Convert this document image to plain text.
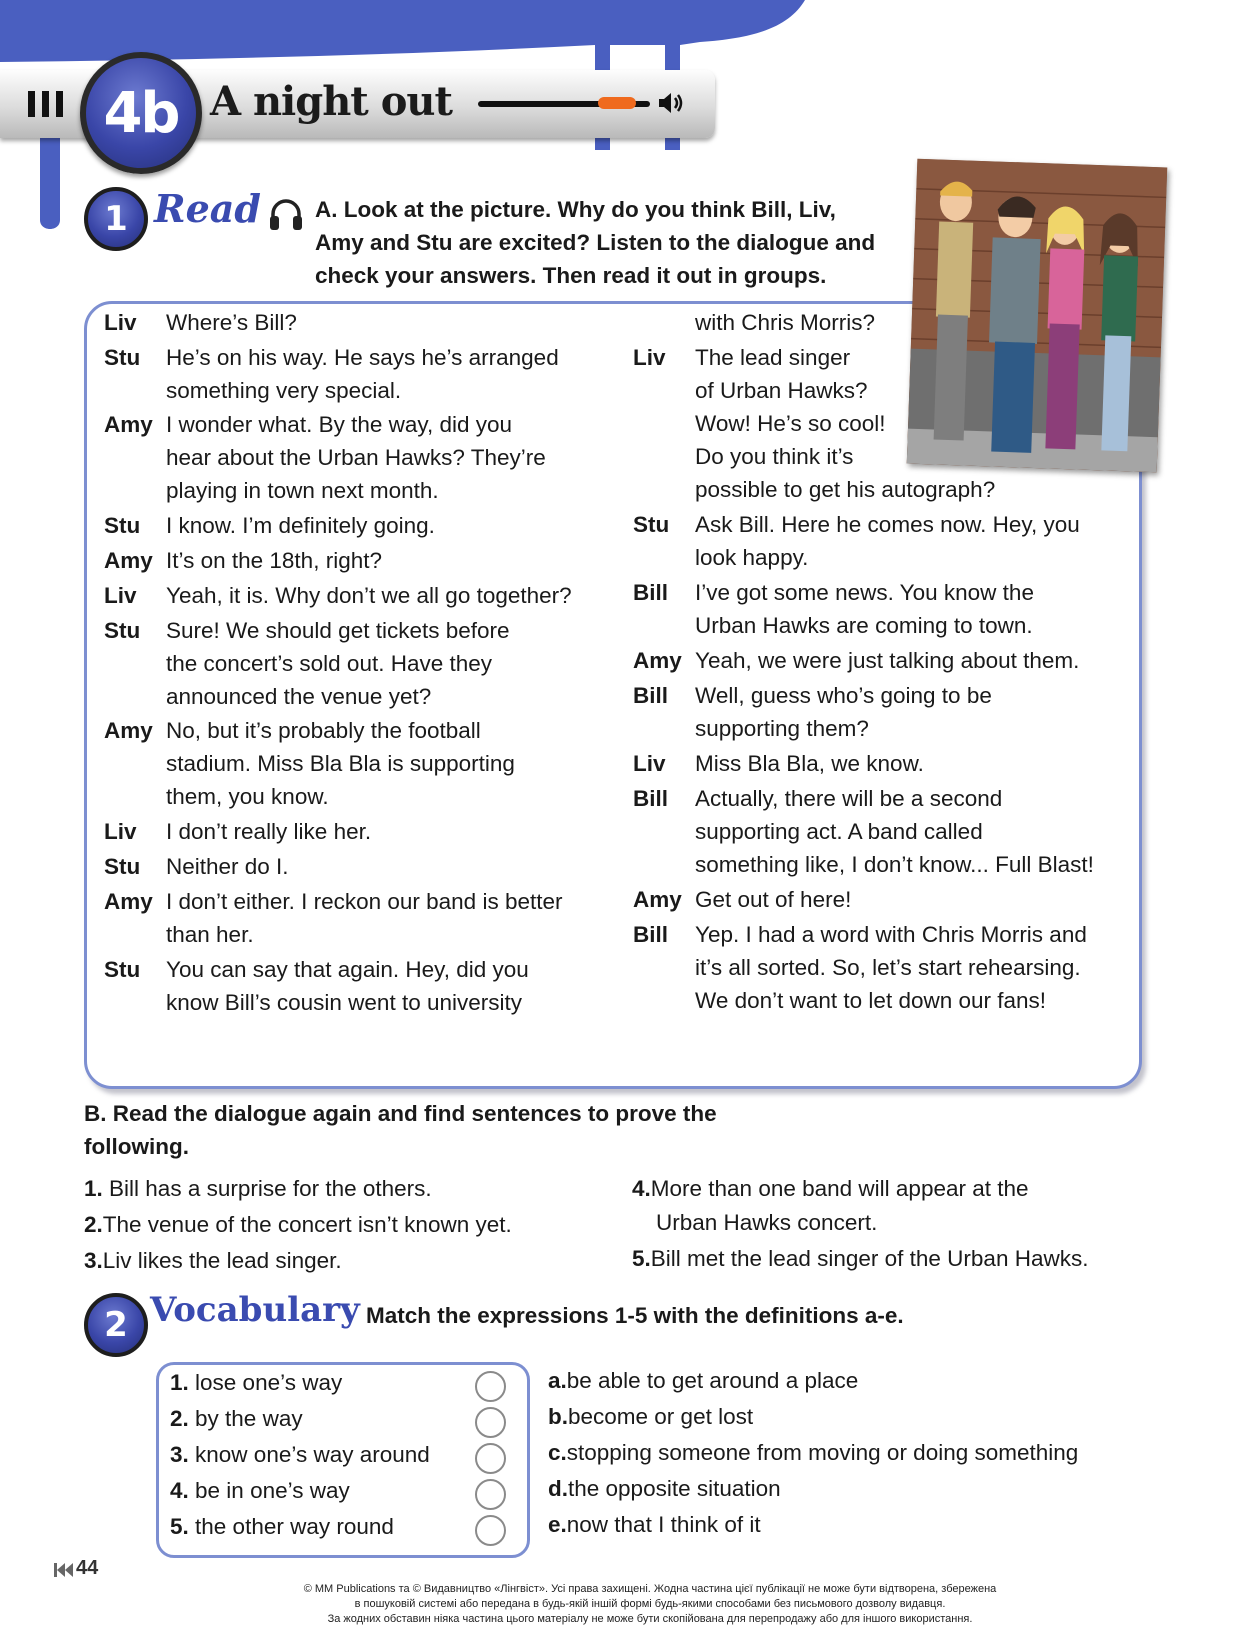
4b A night out
1 Read A. Look at the picture. Why do you think Bill, Liv,
Amy and Stu are excited? Listen to the dialogue and
check your answers. Then read it out in groups.
Liv Where’s Bill?
Stu He’s on his way. He says he’s arranged
something very special.
Amy I wonder what. By the way, did you
hear about the Urban Hawks? They’re
playing in town next month.
Stu I know. I’m definitely going.
Amy It’s on the 18th, right?
Liv Yeah, it is. Why don’t we all go together?
Stu Sure! We should get tickets before
the concert’s sold out. Have they
announced the venue yet?
Amy No, but it’s probably the football
stadium. Miss Bla Bla is supporting
them, you know.
Liv I don’t really like her.
Stu Neither do I.
Amy I don’t either. I reckon our band is better
than her.
Stu You can say that again. Hey, did you
know Bill’s cousin went to university
with Chris Morris?
Liv The lead singer
of Urban Hawks?
Wow! He’s so cool!
Do you think it’s
possible to get his autograph?
Stu Ask Bill. Here he comes now. Hey, you
look happy.
Bill I’ve got some news. You know the
Urban Hawks are coming to town.
Amy Yeah, we were just talking about them.
Bill Well, guess who’s going to be
supporting them?
Liv Miss Bla Bla, we know.
Bill Actually, there will be a second
supporting act. A band called
something like, I don’t know... Full Blast!
Amy Get out of here!
Bill Yep. I had a word with Chris Morris and
it’s all sorted. So, let’s start rehearsing.
We don’t want to let down our fans!
B. Read the dialogue again and find sentences to prove the
following.
1. Bill has a surprise for the others.
2.The venue of the concert isn’t known yet.
3.Liv likes the lead singer.
4.More than one band will appear at the
Urban Hawks concert.
5.Bill met the lead singer of the Urban Hawks.
2 Vocabulary Match the expressions 1-5 with the definitions a-e.
1. lose one’s way
2. by the way
3. know one’s way around
4. be in one’s way
5. the other way round
a.be able to get around a place
b.become or get lost
c.stopping someone from moving or doing something
d.the opposite situation
e.now that I think of it
44
© MM Publications та © Видавництво «Лінгвіст». Усі права захищені. Жодна частина цієї публікації не може бути відтворена, збережена
в пошуковій системі або передана в будь-якій іншій формі будь-якими способами без письмового дозволу видавця.
За жодних обставин ніяка частина цього матеріалу не може бути скопійована для перепродажу або для іншого використання.
